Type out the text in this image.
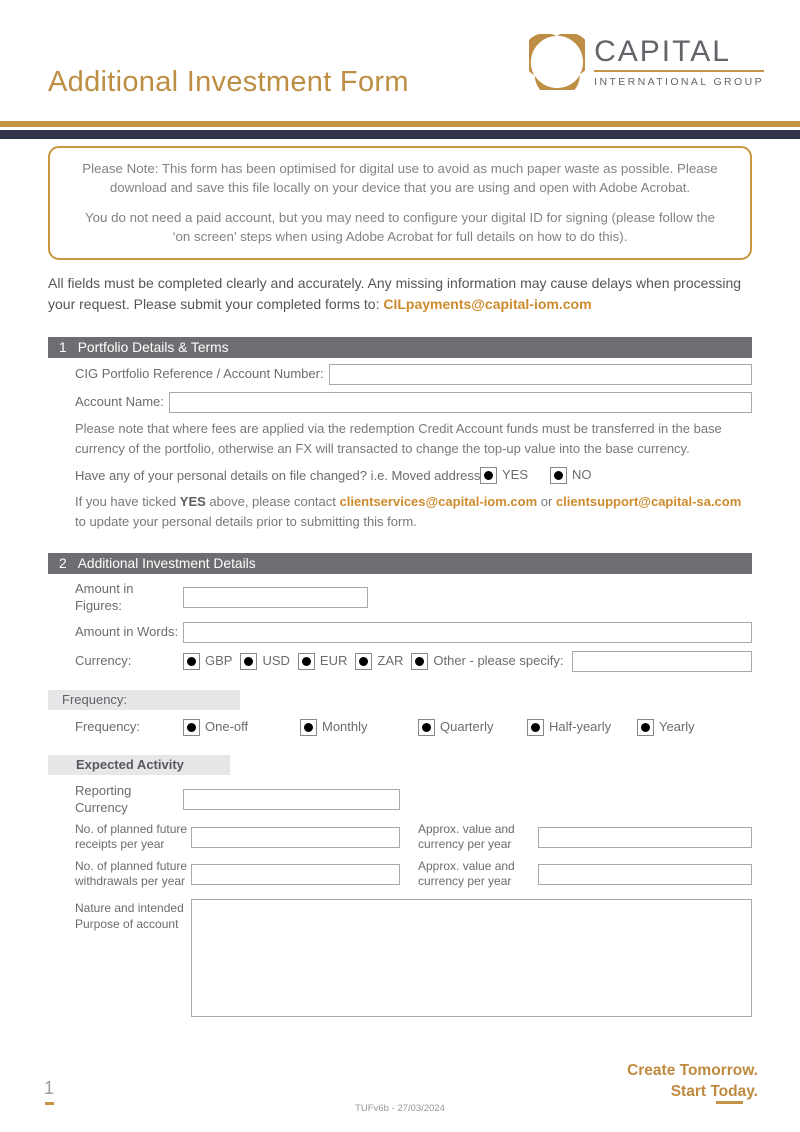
Additional Investment Form
CAPITAL
INTERNATIONAL GROUP

Please Note: This form has been optimised for digital use to avoid as much paper waste as possible. Please download and save this file locally on your device that you are using and open with Adobe Acrobat.

You do not need a paid account, but you may need to configure your digital ID for signing (please follow the ‘on screen’ steps when using Adobe Acrobat for full details on how to do this).

All fields must be completed clearly and accurately. Any missing information may cause delays when processing your request. Please submit your completed forms to: CILpayments@capital-iom.com

1 Portfolio Details & Terms
CIG Portfolio Reference / Account Number:
Account Name:

Please note that where fees are applied via the redemption Credit Account funds must be transferred in the base currency of the portfolio, otherwise an FX will transacted to change the top-up value into the base currency.

Have any of your personal details on file changed? i.e. Moved address YES	NO

If you have ticked YES above, please contact clientservices@capital-iom.com or clientsupport@capital-sa.com to update your personal details prior to submitting this form.

2 Additional Investment Details
Amount in Figures:
Amount in Words:
Currency:	GBP USD EUR ZAR Other - please specify:
Frequency:
Frequency:	One-off	Monthly	Quarterly	Half-yearly	Yearly
Expected Activity
Reporting Currency
No. of planned future receipts per year
Approx. value and currency per year
No. of planned future withdrawals per year
Approx. value and currency per year
Nature and intended Purpose of account
1
Create Tomorrow.
Start Today.
TUFv6b - 27/03/2024
